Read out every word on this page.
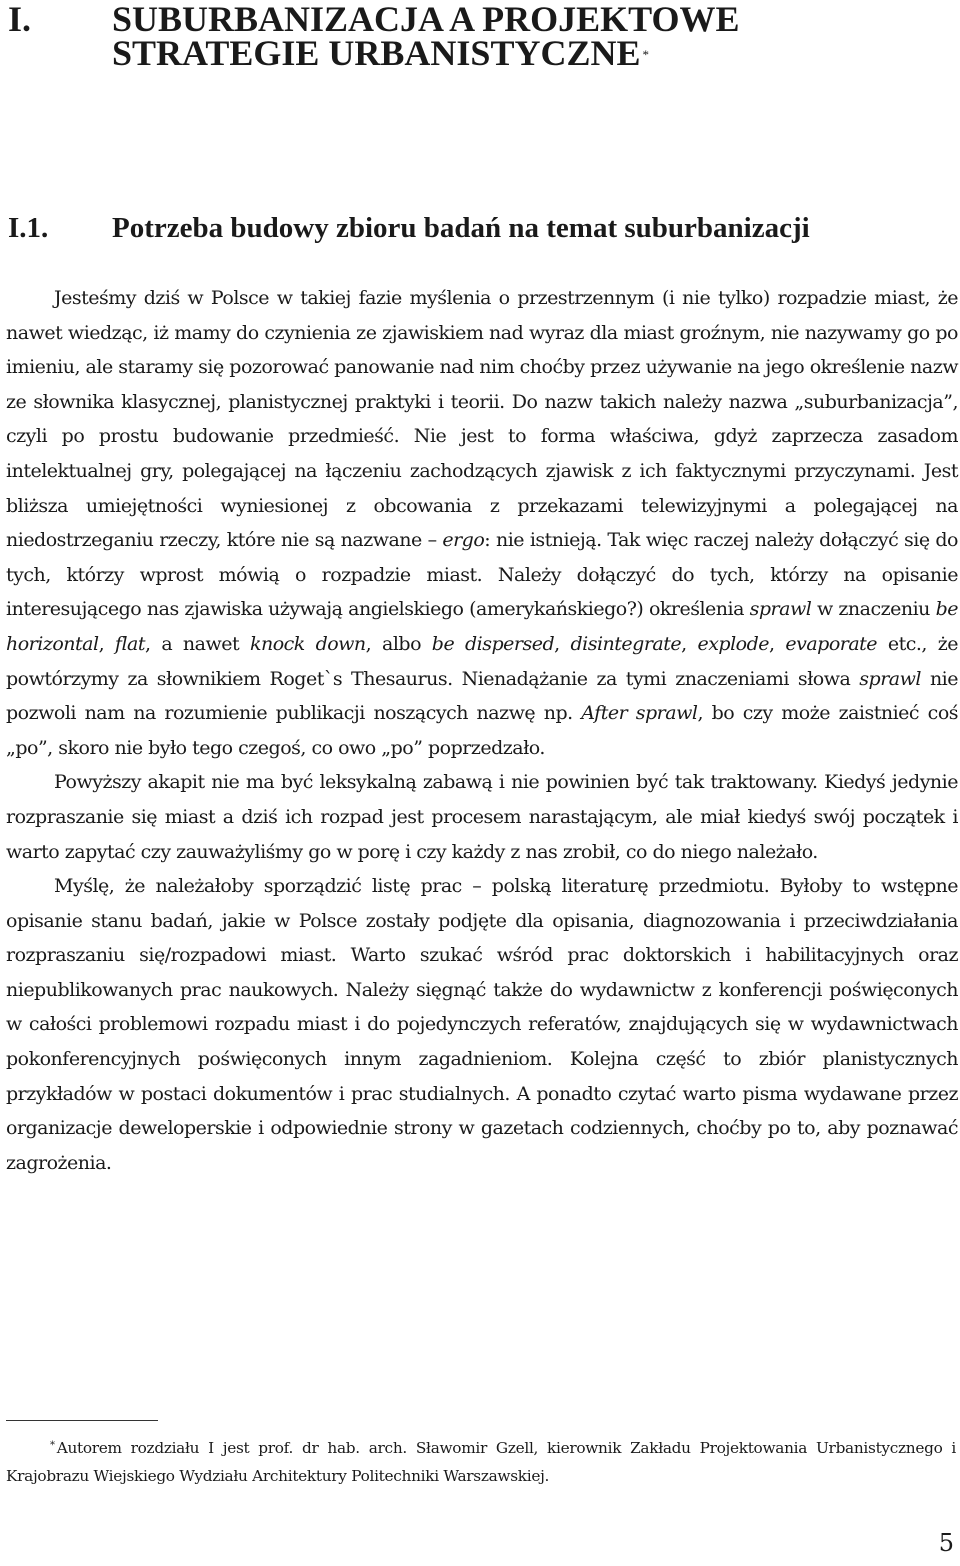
I. SUBURBANIZACJA A PROJEKTOWE STRATEGIE URBANISTYCZNE *
I.1. Potrzeba budowy zbioru badań na temat suburbanizacji

Jesteśmy dziś w Polsce w takiej fazie myślenia o przestrzennym (i nie tylko) rozpadzie miast, że nawet wiedząc, iż mamy do czynienia ze zjawiskiem nad wyraz dla miast groźnym, nie nazywamy go po imieniu, ale staramy się pozorować panowanie nad nim choćby przez używanie na jego określenie nazw ze słownika klasycznej, planistycznej praktyki i teorii. Do nazw takich należy nazwa „suburbanizacja”, czyli po prostu budowanie przedmieść. Nie jest to forma właściwa, gdyż zaprzecza zasadom intelektualnej gry, polegającej na łączeniu zachodzących zjawisk z ich faktycznymi przyczynami. Jest bliższa umiejętności wyniesionej z obcowania z przekazami telewizyjnymi a polegającej na niedostrzeganiu rzeczy, które nie są nazwane – ergo: nie istnieją. Tak więc raczej należy dołączyć się do tych, którzy wprost mówią o rozpadzie miast. Należy dołączyć do tych, którzy na opisanie interesującego nas zjawiska używają angielskiego (amerykańskiego?) określenia sprawl w znaczeniu be horizontal, flat, a nawet knock down, albo be dispersed, disintegrate, explode, evaporate etc., że powtórzymy za słownikiem Roget`s Thesaurus. Nienadążanie za tymi znaczeniami słowa sprawl nie pozwoli nam na rozumienie publikacji noszących nazwę np. After sprawl, bo czy może zaistnieć coś „po”, skoro nie było tego czegoś, co owo „po” poprzedzało.

Powyższy akapit nie ma być leksykalną zabawą i nie powinien być tak traktowany. Kiedyś jedynie rozpraszanie się miast a dziś ich rozpad jest procesem narastającym, ale miał kiedyś swój początek i warto zapytać czy zauważyliśmy go w porę i czy każdy z nas zrobił, co do niego należało.

Myślę, że należałoby sporządzić listę prac – polską literaturę przedmiotu. Byłoby to wstępne opisanie stanu badań, jakie w Polsce zostały podjęte dla opisania, diagnozowania i przeciwdziałania rozpraszaniu się/rozpadowi miast. Warto szukać wśród prac doktorskich i habilitacyjnych oraz niepublikowanych prac naukowych. Należy sięgnąć także do wydawnictw z konferencji poświęconych w całości problemowi rozpadu miast i do pojedynczych referatów, znajdujących się w wydawnictwach pokonferencyjnych poświęconych innym zagadnieniom. Kolejna część to zbiór planistycznych przykładów w postaci dokumentów i prac studialnych. A ponadto czytać warto pisma wydawane przez organizacje deweloperskie i odpowiednie strony w gazetach codziennych, choćby po to, aby poznawać zagrożenia.

* Autorem rozdziału I jest prof. dr hab. arch. Sławomir Gzell, kierownik Zakładu Projektowania Urbanistycznego i Krajobrazu Wiejskiego Wydziału Architektury Politechniki Warszawskiej.
5
